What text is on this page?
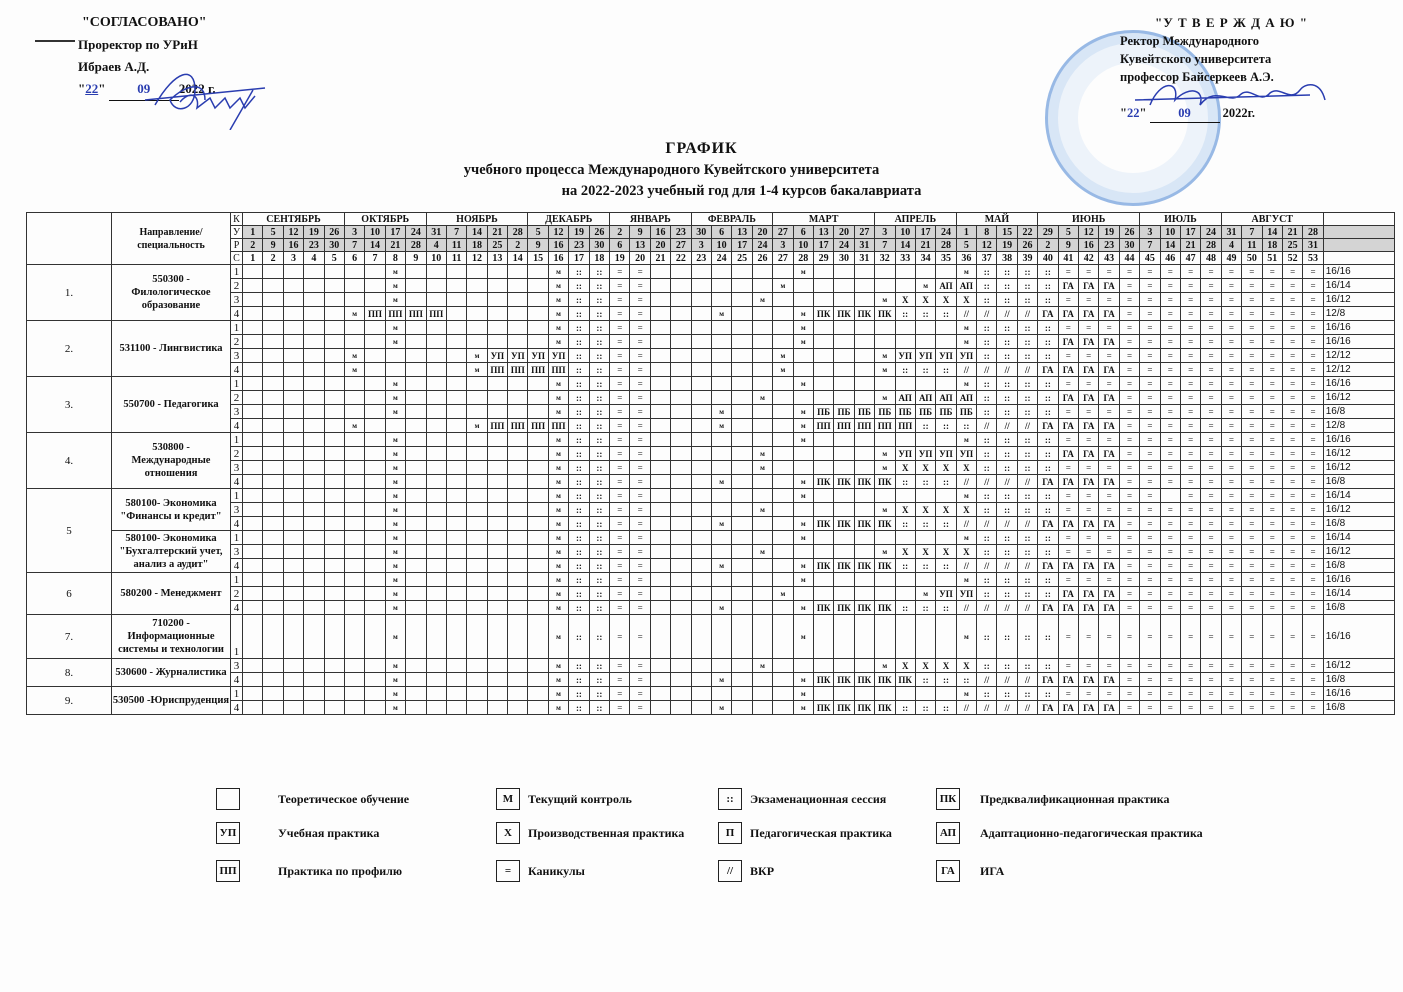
"СОГЛАСОВАНО"
Проректор по УРиН
Ибраев А.Д.
"22" 09 2022 г.
"У Т В Е Р Ж Д А Ю "
Ректор Международного
Кувейтского университета
профессор Байсеркеев А.Э.
"22" 09	2022г.
ГРАФИК
учебного процесса Международного Кувейтского университета
на 2022-2023 учебный год для 1-4 курсов бакалавриата
	Направление/ специальность	К	СЕНТЯБРЬ					ОКТЯБРЬ				НОЯБРЬ					ДЕКАБРЬ				ЯНВАРЬ				ФЕВРАЛЬ				МАРТ					АПРЕЛЬ				МАЙ				ИЮНЬ					ИЮЛЬ				АВГУСТ					
		У	1	5	12	19	26	3	10	17	24	31	7	14	21	28	5	12	19	26	2	9	16	23	30	6	13	20	27	6	13	20	27	3	10	17	24	1	8	15	22	29	5	12	19	26	3	10	17	24	31	7	14	21	28	
		Р	2	9	16	23	30	7	14	21	28	4	11	18	25	2	9	16	23	30	6	13	20	27	3	10	17	24	3	10	17	24	31	7	14	21	28	5	12	19	26	2	9	16	23	30	7	14	21	28	4	11	18	25	31	
		С	1	2	3	4	5	6	7	8	9	10	11	12	13	14	15	16	17	18	19	20	21	22	23	24	25	26	27	28	29	30	31	32	33	34	35	36	37	38	39	40	41	42	43	44	45	46	47	48	49	50	51	52	53	
1.	550300 - Филологическое образование	1								м								м	::	::	=	=								м								м	::	::	::	::	=	=	=	=	=	=	=	=	=	=	=	=	=	16/16
		2								м								м	::	::	=	=							м							м	АП	АП	::	::	::	::	ГА	ГА	ГА	=	=	=	=	=	=	=	=	=	=	16/14
		3								м								м	::	::	=	=						м						м	Х	Х	Х	Х	::	::	::	::	=	=	=	=	=	=	=	=	=	=	=	=	=	16/12
		4						м	ПП	ПП	ПП	ПП						м	::	::	=	=				м				м	ПК	ПК	ПК	ПК	::	::	::	//	//	//	//	ГА	ГА	ГА	ГА	=	=	=	=	=	=	=	=	=	=	12/8
2.	531100 - Лингвистика	1								м								м	::	::	=	=								м								м	::	::	::	::	=	=	=	=	=	=	=	=	=	=	=	=	=	16/16
		2								м								м	::	::	=	=								м								м	::	::	::	::	ГА	ГА	ГА	=	=	=	=	=	=	=	=	=	=	16/16
		3						м						м	УП	УП	УП	УП	::	::	=	=							м					м	УП	УП	УП	УП	::	::	::	::	=	=	=	=	=	=	=	=	=	=	=	=	=	12/12
		4						м						м	ПП	ПП	ПП	ПП	::	::	=	=							м					м	::	::	::	//	//	//	//	ГА	ГА	ГА	ГА	=	=	=	=	=	=	=	=	=	=	12/12
3.	550700 - Педагогика	1								м								м	::	::	=	=								м								м	::	::	::	::	=	=	=	=	=	=	=	=	=	=	=	=	=	16/16
		2								м								м	::	::	=	=						м						м	АП	АП	АП	АП	::	::	::	::	ГА	ГА	ГА	=	=	=	=	=	=	=	=	=	=	16/12
		3								м								м	::	::	=	=				м				м	ПБ	ПБ	ПБ	ПБ	ПБ	ПБ	ПБ	ПБ	::	::	::	::	=	=	=	=	=	=	=	=	=	=	=	=	=	16/8
		4						м						м	ПП	ПП	ПП	ПП	::	::	=	=				м				м	ПП	ПП	ПП	ПП	ПП	::	::	::	//	//	//	ГА	ГА	ГА	ГА	=	=	=	=	=	=	=	=	=	=	12/8
4.	530800 - Международные отношения	1								м								м	::	::	=	=								м								м	::	::	::	::	=	=	=	=	=	=	=	=	=	=	=	=	=	16/16
		2								м								м	::	::	=	=						м						м	УП	УП	УП	УП	::	::	::	::	ГА	ГА	ГА	=	=	=	=	=	=	=	=	=	=	16/12
		3								м								м	::	::	=	=						м						м	Х	Х	Х	Х	::	::	::	::	=	=	=	=	=	=	=	=	=	=	=	=	=	16/12
		4								м								м	::	::	=	=				м				м	ПК	ПК	ПК	ПК	::	::	::	//	//	//	//	ГА	ГА	ГА	ГА	=	=	=	=	=	=	=	=	=	=	16/8
5	580100- Экономика "Финансы и кредит"	1								м								м	::	::	=	=								м								м	::	::	::	::	=	=	=	=	=		=	=	=	=	=	=	=	16/14
		3								м								м	::	::	=	=						м						м	Х	Х	Х	Х	::	::	::	::	=	=	=	=	=	=	=	=	=	=	=	=	=	16/12
		4								м								м	::	::	=	=				м				м	ПК	ПК	ПК	ПК	::	::	::	//	//	//	//	ГА	ГА	ГА	ГА	=	=	=	=	=	=	=	=	=	=	16/8
	580100- Экономика "Бухгалтерский учет, анализ а аудит"	1								м								м	::	::	=	=								м								м	::	::	::	::	=	=	=	=	=	=	=	=	=	=	=	=	=	16/14
		3								м								м	::	::	=	=						м						м	Х	Х	Х	Х	::	::	::	::	=	=	=	=	=	=	=	=	=	=	=	=	=	16/12
		4								м								м	::	::	=	=				м				м	ПК	ПК	ПК	ПК	::	::	::	//	//	//	//	ГА	ГА	ГА	ГА	=	=	=	=	=	=	=	=	=	=	16/8
6	580200 - Менеджмент	1								м								м	::	::	=	=								м								м	::	::	::	::	=	=	=	=	=	=	=	=	=	=	=	=	=	16/16
		2								м								м	::	::	=	=							м							м	УП	УП	::	::	::	::	ГА	ГА	ГА	=	=	=	=	=	=	=	=	=	=	16/14
		4								м								м	::	::	=	=				м				м	ПК	ПК	ПК	ПК	::	::	::	//	//	//	//	ГА	ГА	ГА	ГА	=	=	=	=	=	=	=	=	=	=	16/8
7.	710200 - Информационные системы и технологии	1								м								м	::	::	=	=								м								м	::	::	::	::	=	=	=	=	=	=	=	=	=	=	=	=	=	16/16
8.	530600 - Журналистика	3								м								м	::	::	=	=						м						м	Х	Х	Х	Х	::	::	::	::	=	=	=	=	=	=	=	=	=	=	=	=	=	16/12
		4								м								м	::	::	=	=				м				м	ПК	ПК	ПК	ПК	ПК	::	::	::	//	//	//	ГА	ГА	ГА	ГА	=	=	=	=	=	=	=	=	=	=	16/8
9.	530500 -Юриспруденция	1								м								м	::	::	=	=								м								м	::	::	::	::	=	=	=	=	=	=	=	=	=	=	=	=	=	16/16
		4								м								м	::	::	=	=				м				м	ПК	ПК	ПК	ПК	::	::	::	//	//	//	//	ГА	ГА	ГА	ГА	=	=	=	=	=	=	=	=	=	=	16/8
Теоретическое обучение	М	Текущий контроль	::	Экзаменационная сессия	ПК	Предквалификационная практика
УП	Учебная практика	Х	Производственная практика	П	Педагогическая практика	АП	Адаптационно-педагогическая практика
ПП	Практика по профилю	=	Каникулы	//	ВКР	ГА	ИГА
